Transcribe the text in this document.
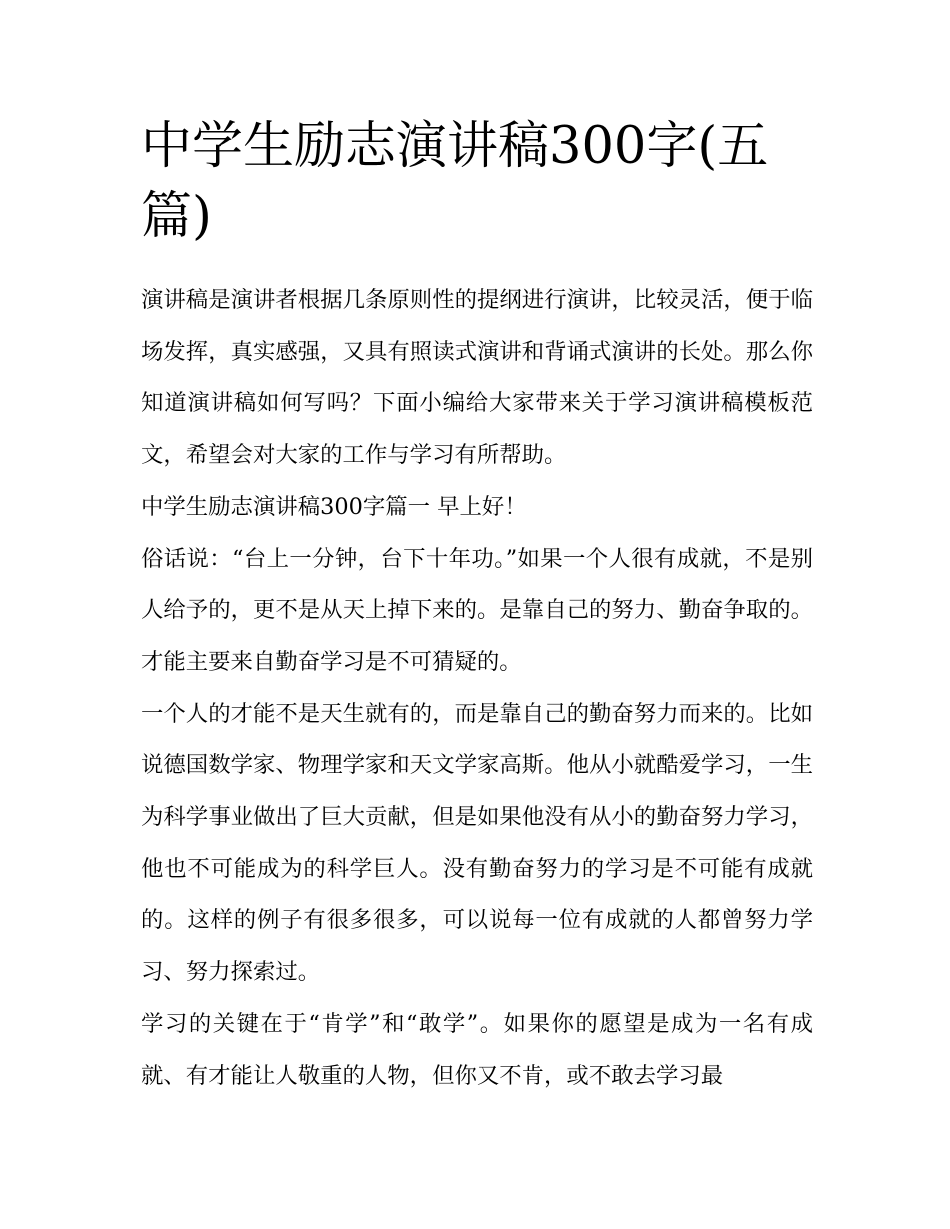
中学生励志演讲稿300字(五篇)

演讲稿是演讲者根据几条原则性的提纲进行演讲，比较灵活，便于临场发挥，真实感强，又具有照读式演讲和背诵式演讲的长处。那么你知道演讲稿如何写吗？下面小编给大家带来关于学习演讲稿模板范文，希望会对大家的工作与学习有所帮助。

中学生励志演讲稿300字篇一 早上好！

俗话说：“台上一分钟，台下十年功。”如果一个人很有成就，不是别人给予的，更不是从天上掉下来的。是靠自己的努力、勤奋争取的。才能主要来自勤奋学习是不可猜疑的。

一个人的才能不是天生就有的，而是靠自己的勤奋努力而来的。比如说德国数学家、物理学家和天文学家高斯。他从小就酷爱学习，一生为科学事业做出了巨大贡献，但是如果他没有从小的勤奋努力学习，他也不可能成为的科学巨人。没有勤奋努力的学习是不可能有成就的。这样的例子有很多很多，可以说每一位有成就的人都曾努力学习、努力探索过。

学习的关键在于“肯学”和“敢学”。如果你的愿望是成为一名有成就、有才能让人敬重的人物，但你又不肯，或不敢去学习最
